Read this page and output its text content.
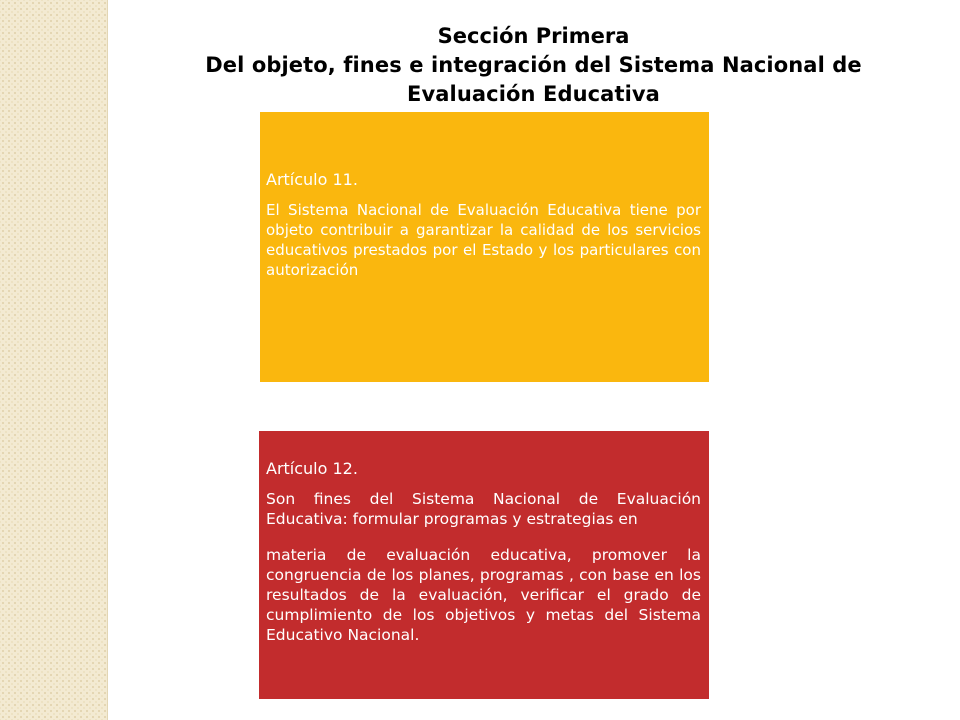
Sección Primera
Del objeto, fines e integración del Sistema Nacional de Evaluación Educativa

Artículo 11.

El Sistema Nacional de Evaluación Educativa tiene por objeto contribuir a garantizar la calidad de los servicios educativos prestados por el Estado y los particulares con autorización

Artículo 12.

Son fines del Sistema Nacional de Evaluación Educativa: formular programas y estrategias en

materia de evaluación educativa, promover la congruencia de los planes, programas , con base en los resultados de la evaluación, verificar el grado de cumplimiento de los objetivos y metas del Sistema Educativo Nacional.
